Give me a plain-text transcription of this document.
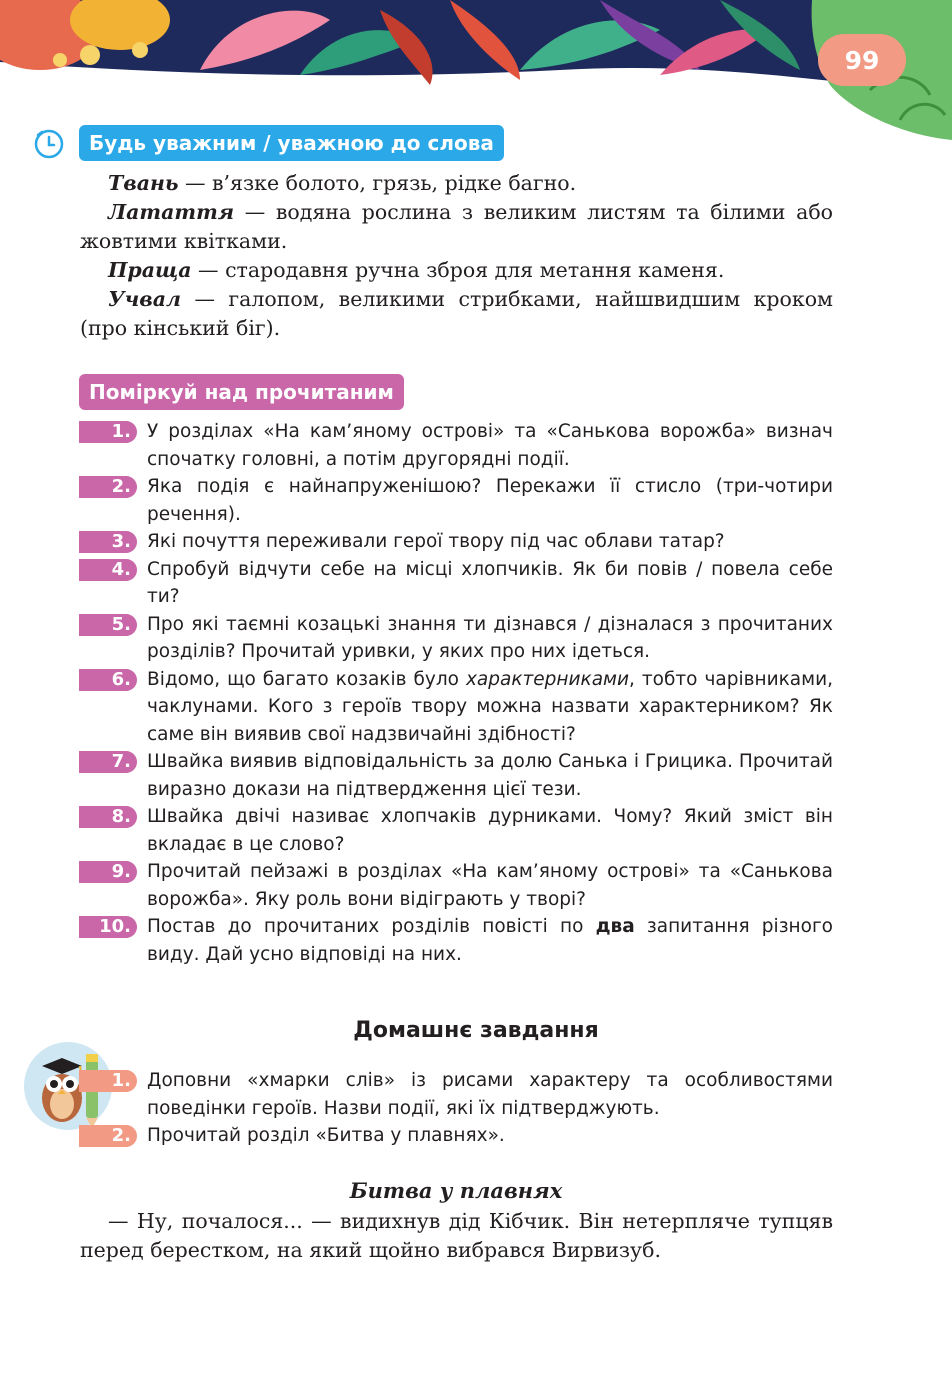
99
Будь уважним / уважною до слова

Твань — в’язке болото, грязь, рідке багно.

Латаття — водяна рослина з великим листям та білими або жовтими квітками.

Праща — стародавня ручна зброя для метання каменя.

Учвал — галопом, великими стрибками, найшвидшим кроком (про кінський біг).

Поміркуй над прочитаним
1. У розділах «На кам’яному острові» та «Санькова ворожба» визнач спочатку головні, а потім другорядні події.
2. Яка подія є найнапруженішою? Перекажи її стисло (три-чотири речення).
3. Які почуття переживали герої твору під час облави татар?
4. Спробуй відчути себе на місці хлопчиків. Як би повів / повела себе ти?
5. Про які таємні козацькі знання ти дізнався / дізналася з прочитаних розділів? Прочитай уривки, у яких про них ідеться.
6. Відомо, що багато козаків було характерниками, тобто чарівниками, чаклунами. Кого з героїв твору можна назвати характерником? Як саме він виявив свої надзвичайні здібності?
7. Швайка виявив відповідальність за долю Санька і Грицика. Прочитай виразно докази на підтвердження цієї тези.
8. Швайка двічі називає хлопчаків дурниками. Чому? Який зміст він вкладає в це слово?
9. Прочитай пейзажі в розділах «На кам’яному острові» та «Санькова ворожба». Яку роль вони відіграють у творі?
10. Постав до прочитаних розділів повісті по два запитання різного виду. Дай усно відповіді на них.
Домашнє завдання
1. Доповни «хмарки слів» із рисами характеру та особливостями поведінки героїв. Назви події, які їх підтверджують.
2. Прочитай розділ «Битва у плавнях».
Битва у плавнях

— Ну, почалося... — видихнув дід Кібчик. Він нетерпляче тупцяв перед берестком, на який щойно вибрався Вирвизуб.
